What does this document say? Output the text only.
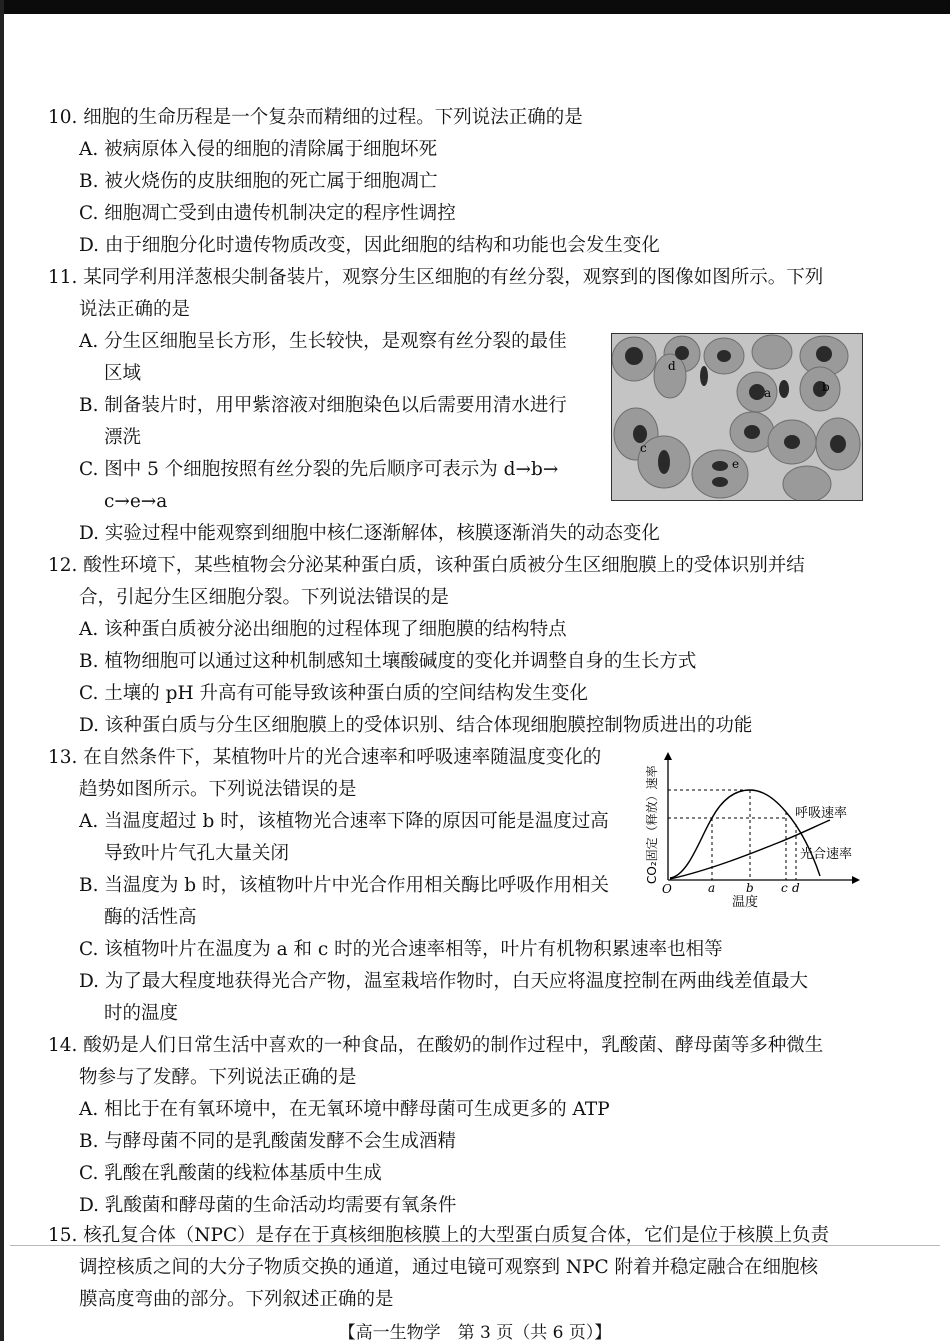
10. 细胞的生命历程是一个复杂而精细的过程。下列说法正确的是
A. 被病原体入侵的细胞的清除属于细胞坏死
B. 被火烧伤的皮肤细胞的死亡属于细胞凋亡
C. 细胞凋亡受到由遗传机制决定的程序性调控
D. 由于细胞分化时遗传物质改变，因此细胞的结构和功能也会发生变化
11. 某同学利用洋葱根尖制备装片，观察分生区细胞的有丝分裂，观察到的图像如图所示。下列
说法正确的是
A. 分生区细胞呈长方形，生长较快，是观察有丝分裂的最佳
区域
B. 制备装片时，用甲紫溶液对细胞染色以后需要用清水进行
漂洗
C. 图中 5 个细胞按照有丝分裂的先后顺序可表示为 d→b→
c→e→a
D. 实验过程中能观察到细胞中核仁逐渐解体，核膜逐渐消失的动态变化
d
a	b
c
e
12. 酸性环境下，某些植物会分泌某种蛋白质，该种蛋白质被分生区细胞膜上的受体识别并结
合，引起分生区细胞分裂。下列说法错误的是
A. 该种蛋白质被分泌出细胞的过程体现了细胞膜的结构特点
B. 植物细胞可以通过这种机制感知土壤酸碱度的变化并调整自身的生长方式
C. 土壤的 pH 升高有可能导致该种蛋白质的空间结构发生变化
D. 该种蛋白质与分生区细胞膜上的受体识别、结合体现细胞膜控制物质进出的功能
13. 在自然条件下，某植物叶片的光合速率和呼吸速率随温度变化的
趋势如图所示。下列说法错误的是
A. 当温度超过 b 时，该植物光合速率下降的原因可能是温度过高
导致叶片气孔大量关闭
B. 当温度为 b 时，该植物叶片中光合作用相关酶比呼吸作用相关
酶的活性高
C. 该植物叶片在温度为 a 和 c 时的光合速率相等，叶片有机物积累速率也相等
D. 为了最大程度地获得光合产物，温室栽培作物时，白天应将温度控制在两曲线差值最大
时的温度
O	a	b c d
温度
呼吸速率
光合速率
CO₂固定（释放）速率
14. 酸奶是人们日常生活中喜欢的一种食品，在酸奶的制作过程中，乳酸菌、酵母菌等多种微生
物参与了发酵。下列说法正确的是
A. 相比于在有氧环境中，在无氧环境中酵母菌可生成更多的 ATP
B. 与酵母菌不同的是乳酸菌发酵不会生成酒精
C. 乳酸在乳酸菌的线粒体基质中生成
D. 乳酸菌和酵母菌的生命活动均需要有氧条件
15. 核孔复合体（NPC）是存在于真核细胞核膜上的大型蛋白质复合体，它们是位于核膜上负责
调控核质之间的大分子物质交换的通道，通过电镜可观察到 NPC 附着并稳定融合在细胞核
膜高度弯曲的部分。下列叙述正确的是
【高一生物学　第 3 页（共 6 页）】
